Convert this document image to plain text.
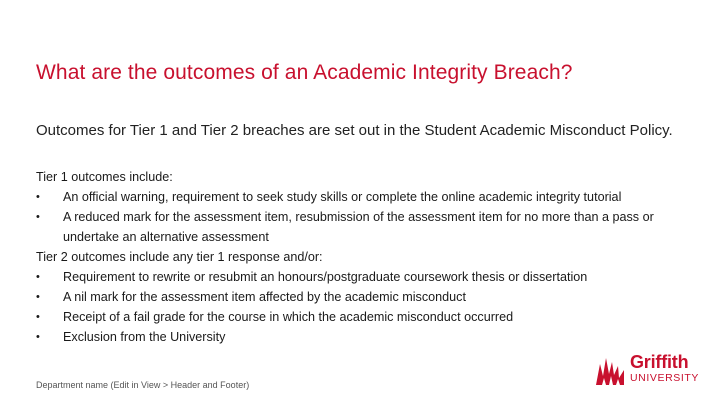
What are the outcomes of an Academic Integrity Breach?
Outcomes for Tier 1 and Tier 2 breaches are set out in the Student Academic Misconduct Policy.

Tier 1 outcomes include:

• An official warning, requirement to seek study skills or complete the online academic integrity tutorial
• A reduced mark for the assessment item, resubmission of the assessment item for no more than a pass or undertake an alternative assessment

Tier 2 outcomes include any tier 1 response and/or:

• Requirement to rewrite or resubmit an honours/postgraduate coursework thesis or dissertation
• A nil mark for the assessment item affected by the academic misconduct
• Receipt of a fail grade for the course in which the academic misconduct occurred
• Exclusion from the University
Department name (Edit in View > Header and Footer)
Griffith
UNIVERSITY
